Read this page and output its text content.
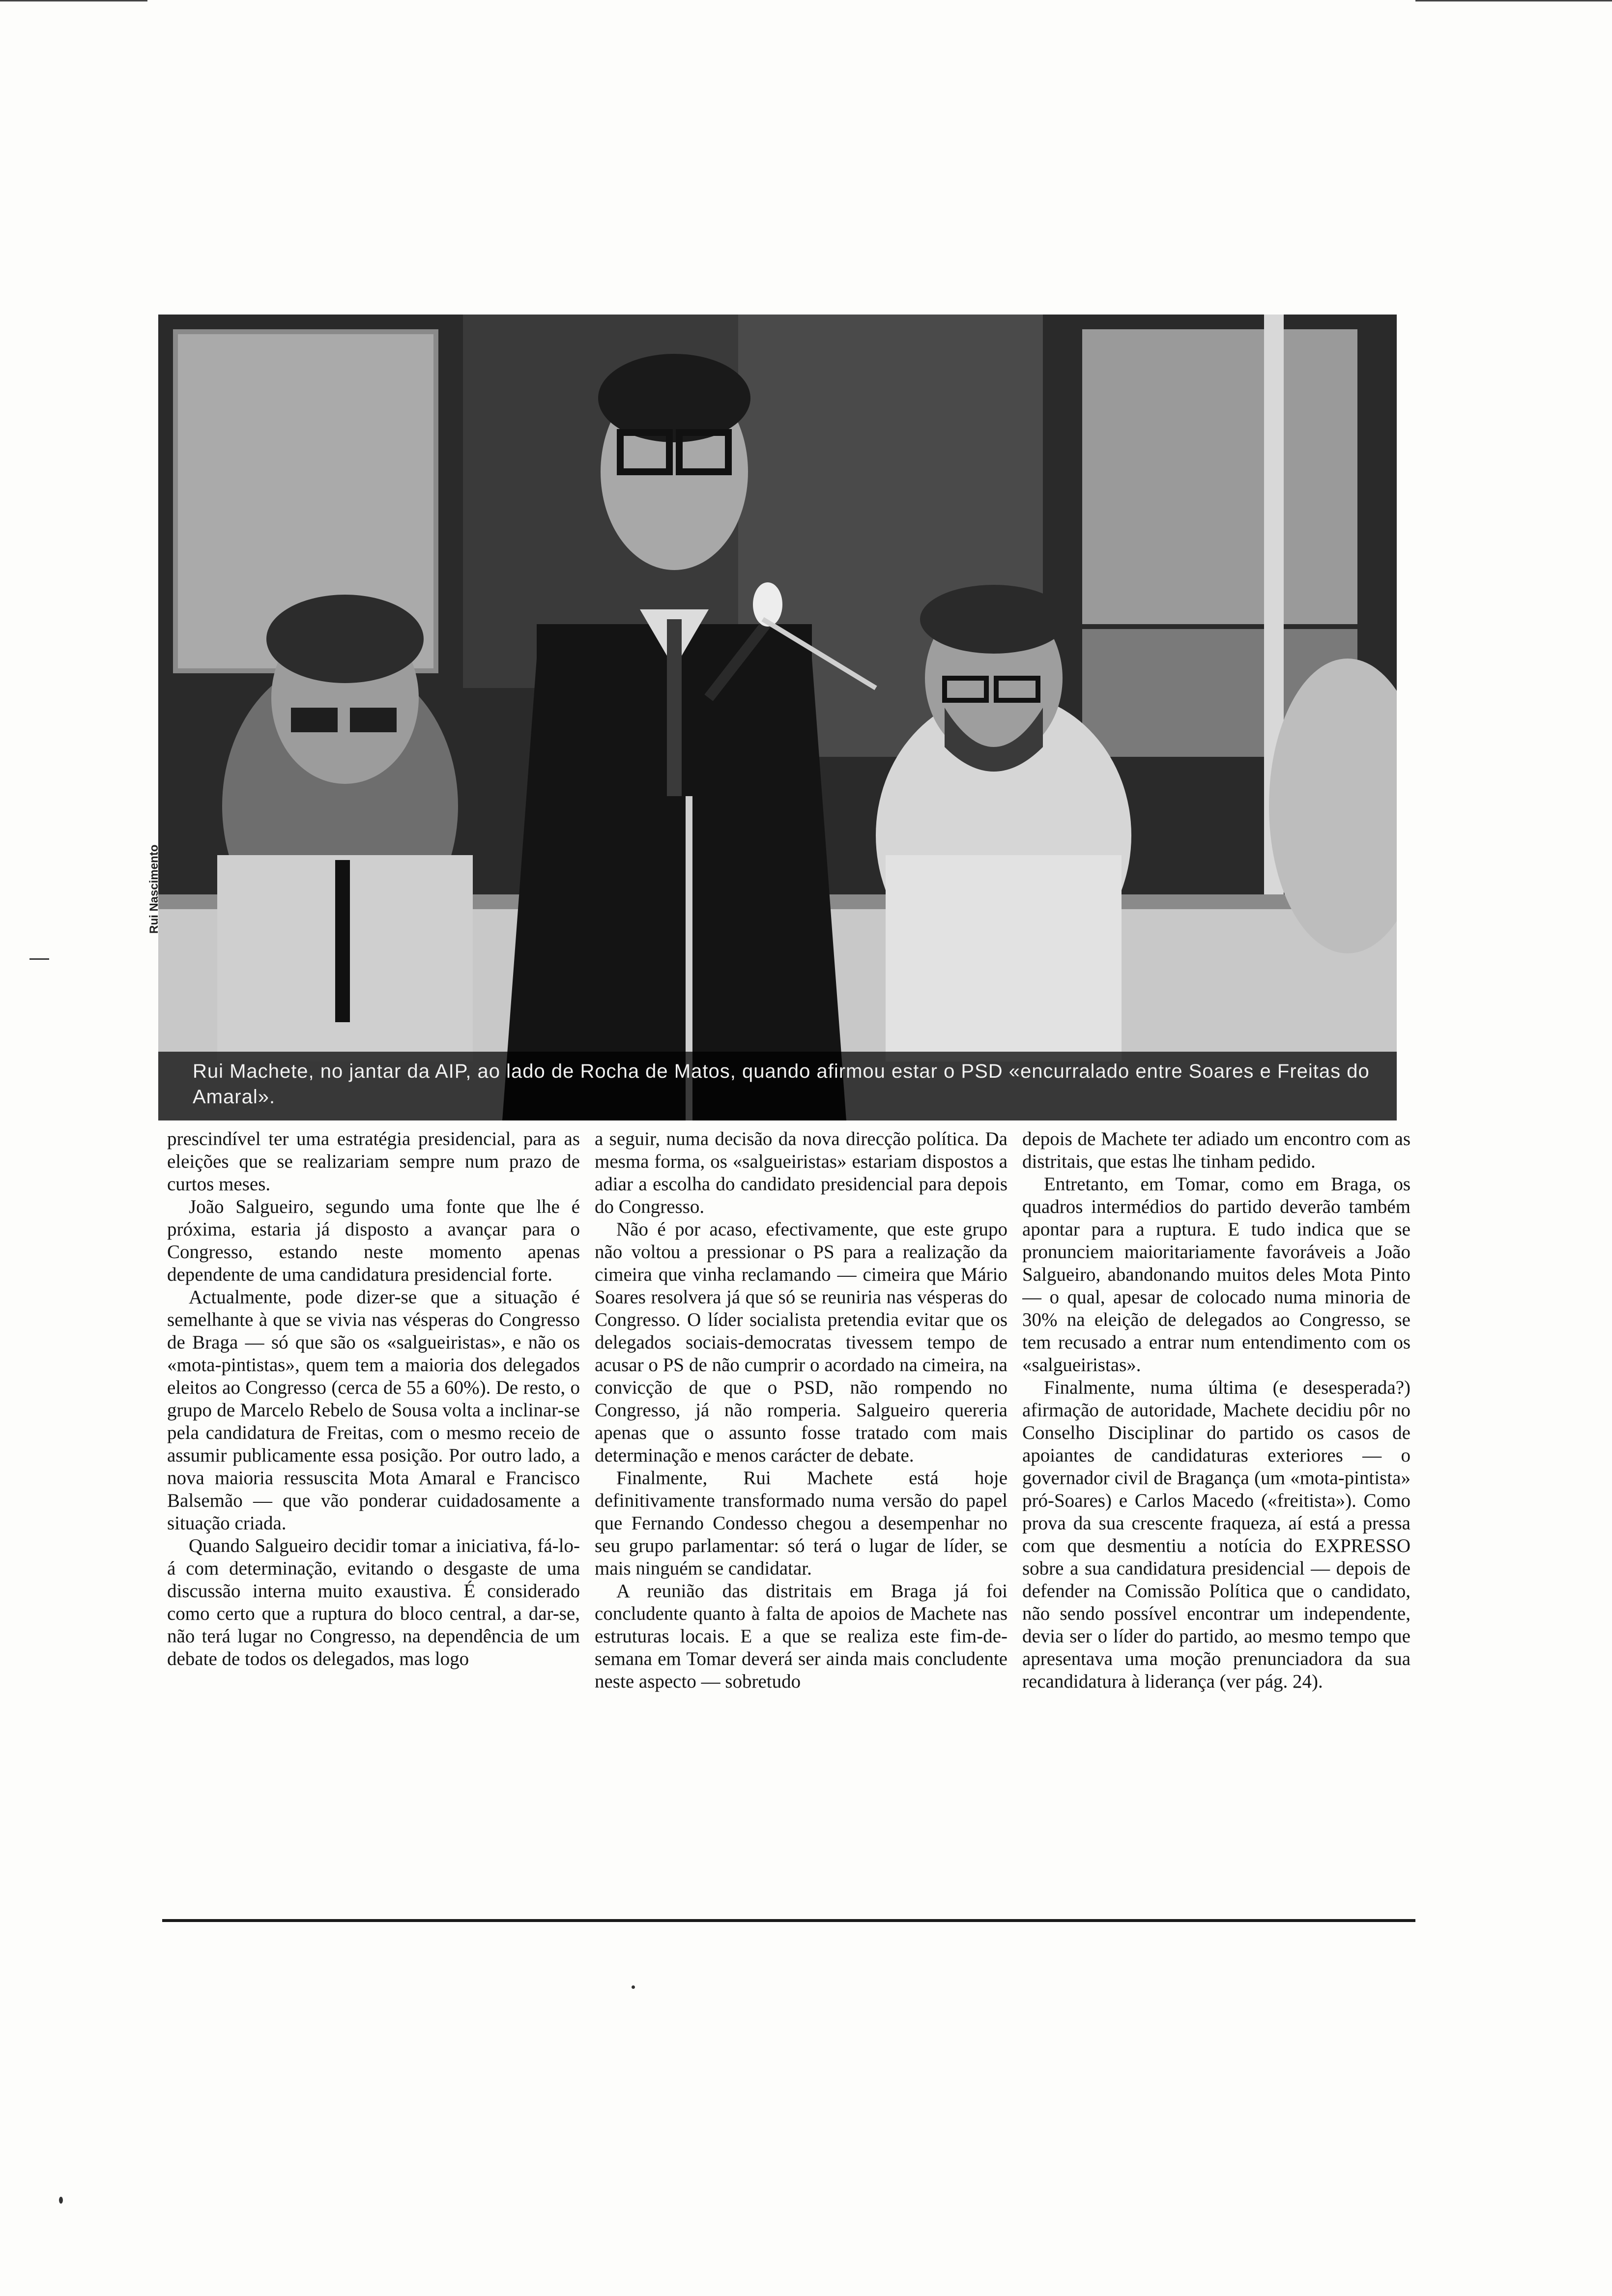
Rui Machete, no jantar da AIP, ao lado de Rocha de Matos, quando afirmou estar o PSD «encurralado entre Soares e Freitas do Amaral».
Rui Nascimento

prescindível ter uma estratégia presidencial, para as eleições que se realizariam sempre num prazo de curtos meses.

João Salgueiro, segundo uma fonte que lhe é próxima, estaria já disposto a avançar para o Congresso, estando neste momento apenas dependente de uma candidatura presidencial forte.

Actualmente, pode dizer-se que a situação é semelhante à que se vivia nas vésperas do Congresso de Braga — só que são os «salgueiristas», e não os «mota-pintistas», quem tem a maioria dos delegados eleitos ao Congresso (cerca de 55 a 60%). De resto, o grupo de Marcelo Rebelo de Sousa volta a inclinar-se pela candidatura de Freitas, com o mesmo receio de assumir publicamente essa posição. Por outro lado, a nova maioria ressuscita Mota Amaral e Francisco Balsemão — que vão ponderar cuidadosamente a situação criada.

Quando Salgueiro decidir tomar a iniciativa, fá-lo-á com determinação, evitando o desgaste de uma discussão interna muito exaustiva. É considerado como certo que a ruptura do bloco central, a dar-se, não terá lugar no Congresso, na dependência de um debate de todos os delegados, mas logo

a seguir, numa decisão da nova direcção política. Da mesma forma, os «salgueiristas» estariam dispostos a adiar a escolha do candidato presidencial para depois do Congresso.

Não é por acaso, efectivamente, que este grupo não voltou a pressionar o PS para a realização da cimeira que vinha reclamando — cimeira que Mário Soares resolvera já que só se reuniria nas vésperas do Congresso. O líder socialista pretendia evitar que os delegados sociais-democratas tivessem tempo de acusar o PS de não cumprir o acordado na cimeira, na convicção de que o PSD, não rompendo no Congresso, já não romperia. Salgueiro quereria apenas que o assunto fosse tratado com mais determinação e menos carácter de debate.

Finalmente, Rui Machete está hoje definitivamente transformado numa versão do papel que Fernando Condesso chegou a desempenhar no seu grupo parlamentar: só terá o lugar de líder, se mais ninguém se candidatar.

A reunião das distritais em Braga já foi concludente quanto à falta de apoios de Machete nas estruturas locais. E a que se realiza este fim-de-semana em Tomar deverá ser ainda mais concludente neste aspecto — sobretudo

depois de Machete ter adiado um encontro com as distritais, que estas lhe tinham pedido.

Entretanto, em Tomar, como em Braga, os quadros intermédios do partido deverão também apontar para a ruptura. E tudo indica que se pronunciem maioritariamente favoráveis a João Salgueiro, abandonando muitos deles Mota Pinto — o qual, apesar de colocado numa minoria de 30% na eleição de delegados ao Congresso, se tem recusado a entrar num entendimento com os «salgueiristas».

Finalmente, numa última (e desesperada?) afirmação de autoridade, Machete decidiu pôr no Conselho Disciplinar do partido os casos de apoiantes de candidaturas exteriores — o governador civil de Bragança (um «mota-pintista» pró-Soares) e Carlos Macedo («freitista»). Como prova da sua crescente fraqueza, aí está a pressa com que desmentiu a notícia do EXPRESSO sobre a sua candidatura presidencial — depois de defender na Comissão Política que o candidato, não sendo possível encontrar um independente, devia ser o líder do partido, ao mesmo tempo que apresentava uma moção prenunciadora da sua recandidatura à liderança (ver pág. 24).
